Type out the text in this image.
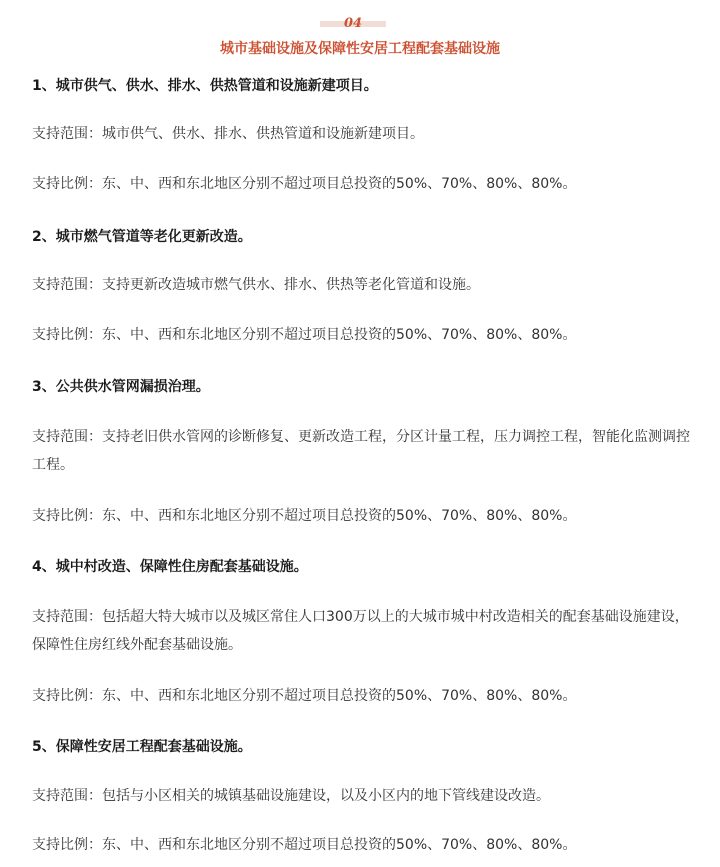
04
城市基础设施及保障性安居工程配套基础设施
1、城市供气、供水、排水、供热管道和设施新建项目。
支持范围：城市供气、供水、排水、供热管道和设施新建项目。
支持比例：东、中、西和东北地区分别不超过项目总投资的50%、70%、80%、80%。
2、城市燃气管道等老化更新改造。
支持范围：支持更新改造城市燃气供水、排水、供热等老化管道和设施。
支持比例：东、中、西和东北地区分别不超过项目总投资的50%、70%、80%、80%。
3、公共供水管网漏损治理。
支持范围：支持老旧供水管网的诊断修复、更新改造工程，分区计量工程，压力调控工程，智能化监测调控工程。
支持比例：东、中、西和东北地区分别不超过项目总投资的50%、70%、80%、80%。
4、城中村改造、保障性住房配套基础设施。
支持范围：包括超大特大城市以及城区常住人口300万以上的大城市城中村改造相关的配套基础设施建设，保障性住房红线外配套基础设施。
支持比例：东、中、西和东北地区分别不超过项目总投资的50%、70%、80%、80%。
5、保障性安居工程配套基础设施。
支持范围：包括与小区相关的城镇基础设施建设，以及小区内的地下管线建设改造。
支持比例：东、中、西和东北地区分别不超过项目总投资的50%、70%、80%、80%。
